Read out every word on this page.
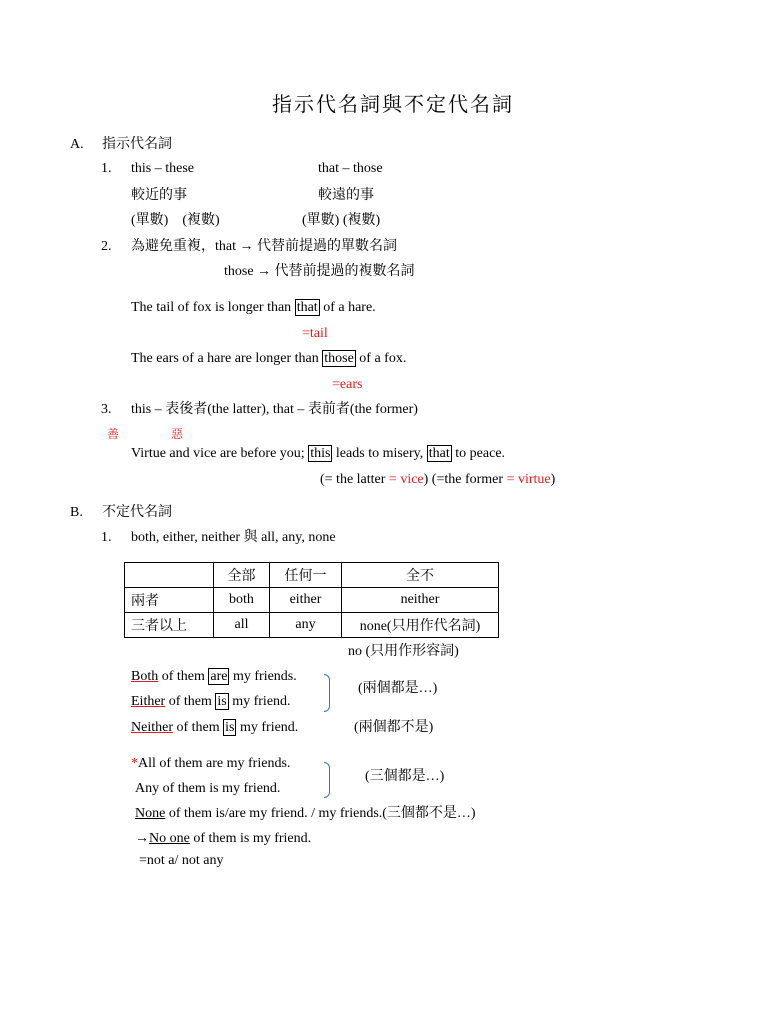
指示代名詞與不定代名詞
A. 指示代名詞
1. this – these	that – those
較近的事	較遠的事
(單數)　(複數)	(單數) (複數)
2. 為避免重複，that → 代替前提過的單數名詞
those → 代替前提過的複數名詞
The tail of fox is longer than that of a hare.
=tail
The ears of a hare are longer than those of a fox.
=ears
3. this – 表後者(the latter), that – 表前者(the former)
善	惡
Virtue and vice are before you; this leads to misery, that to peace.
(= the latter = vice) (=the former = virtue)
B. 不定代名詞
1. both, either, neither 與 all, any, none
	全部	任何一	全不
兩者	both	either	neither
三者以上	all	any	none(只用作代名詞)
no (只用作形容詞)
Both of them are my friends.
Either of them is my friend.
(兩個都是…)
Neither of them is my friend.	(兩個都不是)
*All of them are my friends.
Any of them is my friend.
(三個都是…)
None of them is/are my friend. / my friends.(三個都不是…)
→No one of them is my friend.
=not a/ not any
